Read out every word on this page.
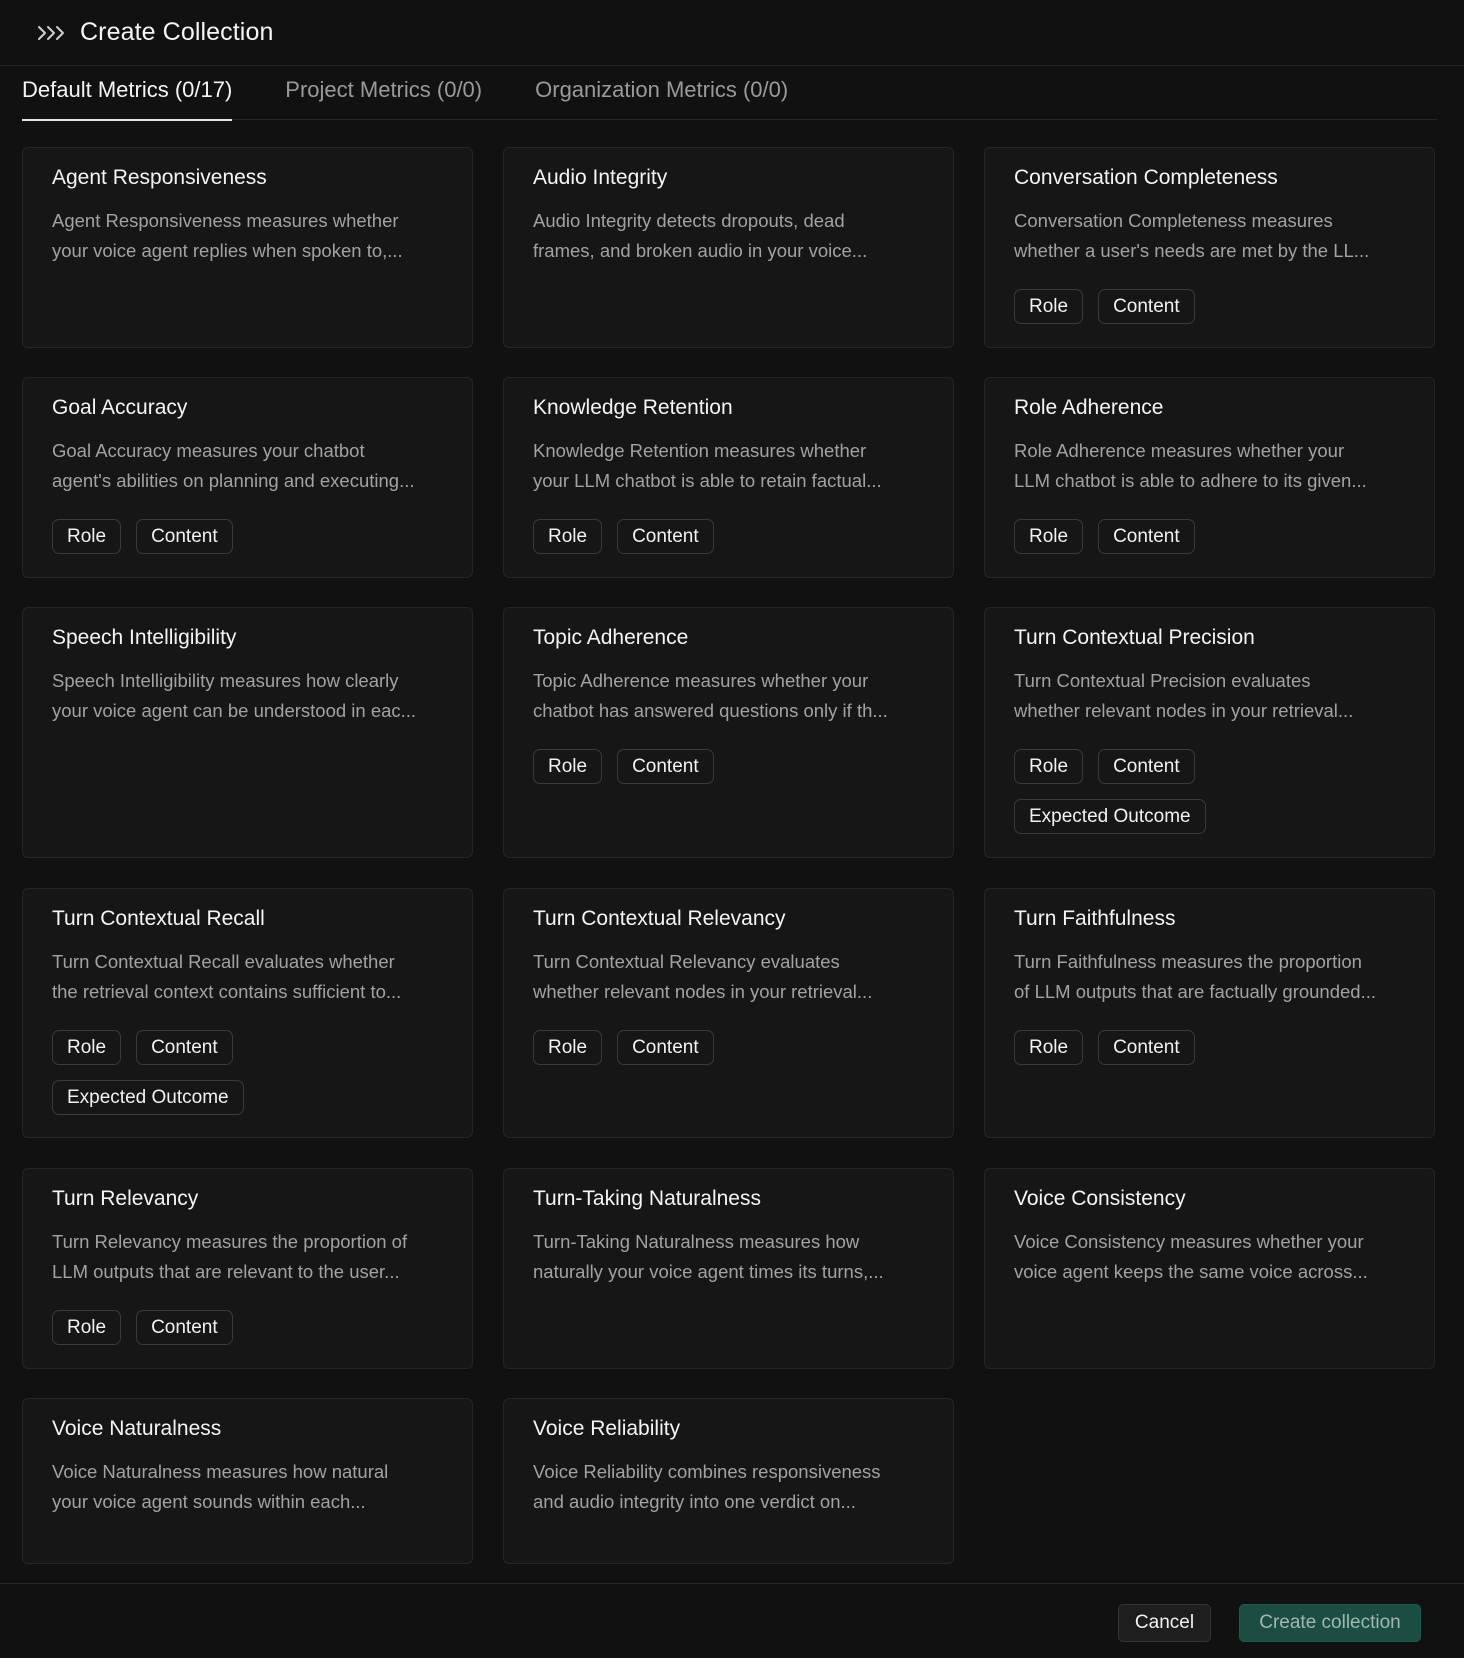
Create Collection
Default Metrics (0/17) Project Metrics (0/0) Organization Metrics (0/0)
Agent Responsiveness
Agent Responsiveness measures whether
your voice agent replies when spoken to,...
Audio Integrity
Audio Integrity detects dropouts, dead
frames, and broken audio in your voice...
Conversation Completeness
Conversation Completeness measures
whether a user's needs are met by the LL...
Role	Content
Goal Accuracy
Goal Accuracy measures your chatbot
agent's abilities on planning and executing...
Role	Content
Knowledge Retention
Knowledge Retention measures whether
your LLM chatbot is able to retain factual...
Role	Content
Role Adherence
Role Adherence measures whether your
LLM chatbot is able to adhere to its given...
Role	Content
Speech Intelligibility
Speech Intelligibility measures how clearly
your voice agent can be understood in eac...
Topic Adherence
Topic Adherence measures whether your
chatbot has answered questions only if th...
Role	Content
Turn Contextual Precision
Turn Contextual Precision evaluates
whether relevant nodes in your retrieval...
Role	Content
Expected Outcome
Turn Contextual Recall
Turn Contextual Recall evaluates whether
the retrieval context contains sufficient to...
Role	Content
Expected Outcome
Turn Contextual Relevancy
Turn Contextual Relevancy evaluates
whether relevant nodes in your retrieval...
Role	Content
Turn Faithfulness
Turn Faithfulness measures the proportion
of LLM outputs that are factually grounded...
Role	Content
Turn Relevancy
Turn Relevancy measures the proportion of
LLM outputs that are relevant to the user...
Role	Content
Turn-Taking Naturalness
Turn-Taking Naturalness measures how
naturally your voice agent times its turns,...
Voice Consistency
Voice Consistency measures whether your
voice agent keeps the same voice across...
Voice Naturalness
Voice Naturalness measures how natural
your voice agent sounds within each...
Voice Reliability
Voice Reliability combines responsiveness
and audio integrity into one verdict on...
Cancel	Create collection
